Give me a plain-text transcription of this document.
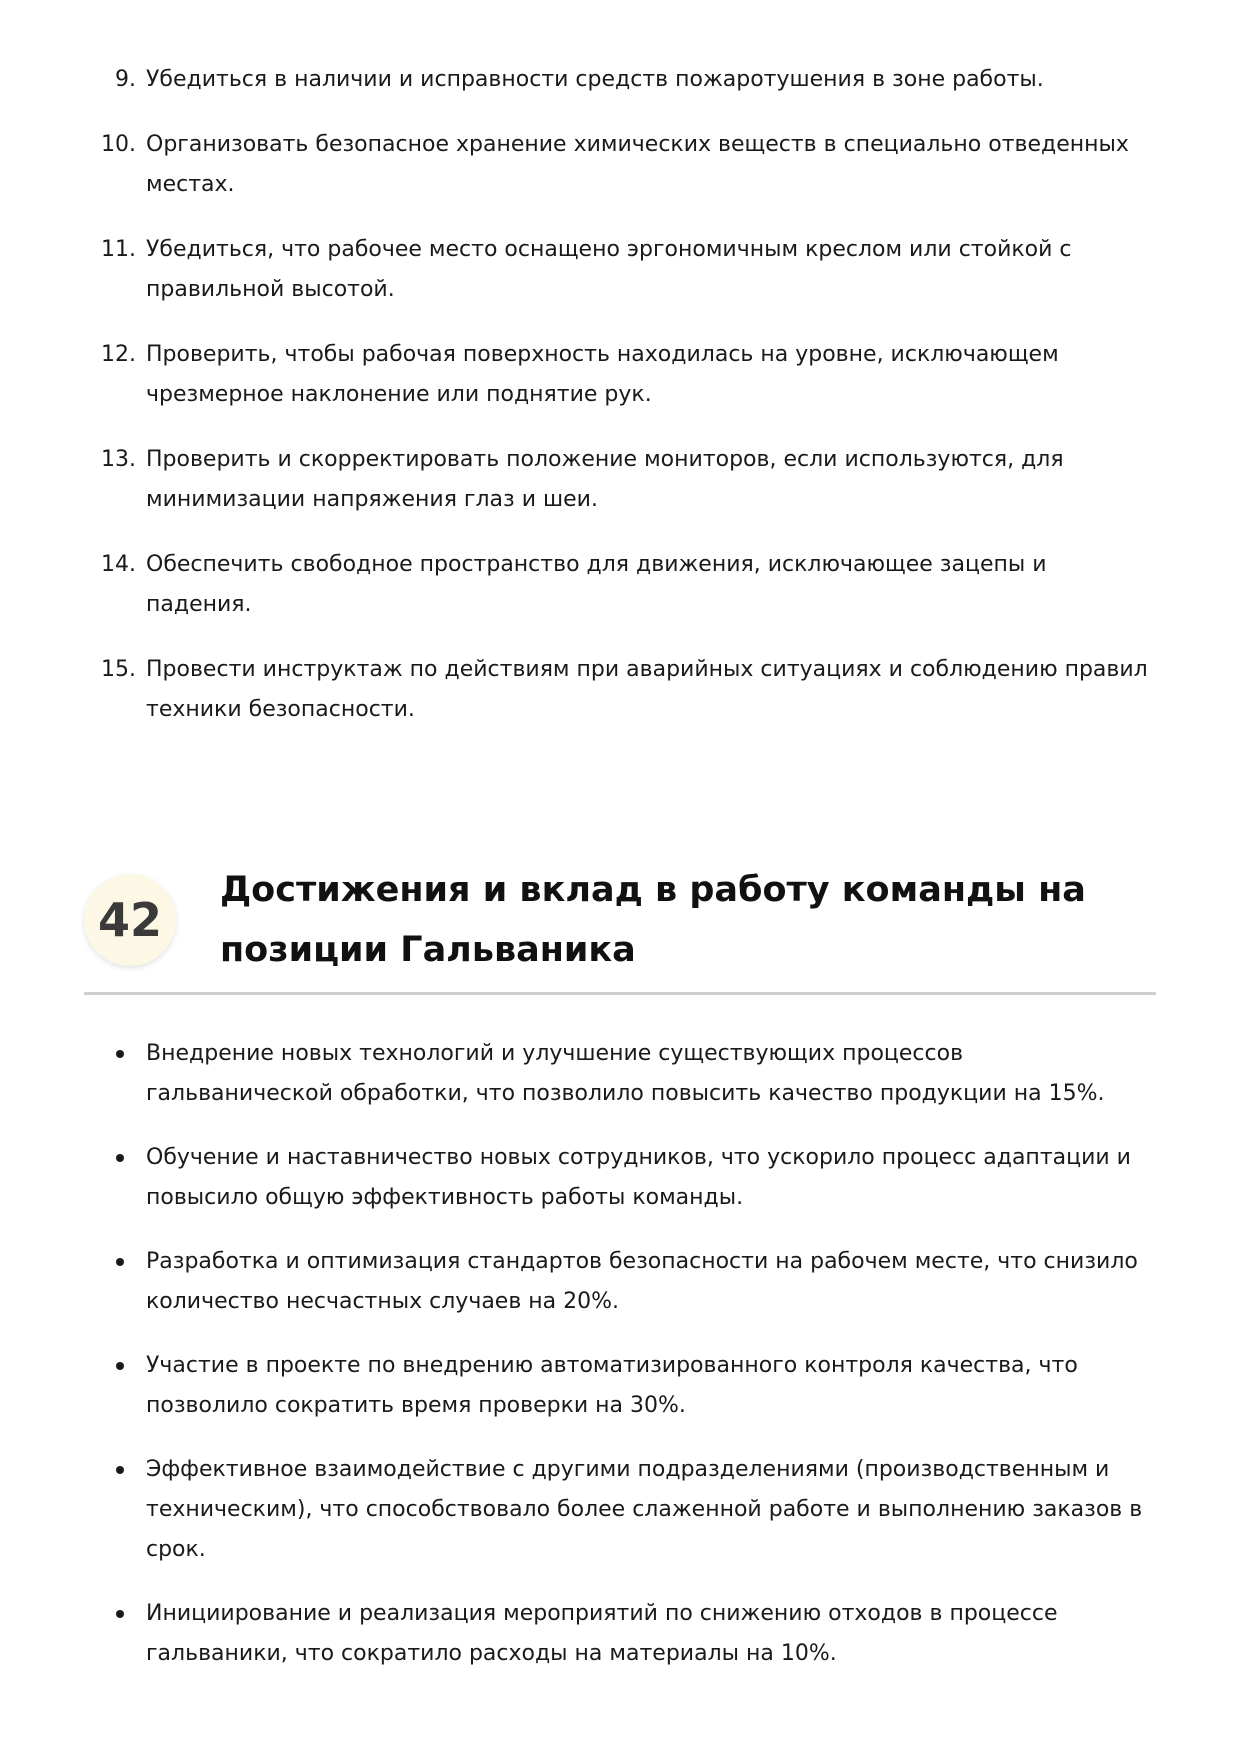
9. Убедиться в наличии и исправности средств пожаротушения в зоне работы.
10. Организовать безопасное хранение химических веществ в специально отведенных местах.
11. Убедиться, что рабочее место оснащено эргономичным креслом или стойкой с правильной высотой.
12. Проверить, чтобы рабочая поверхность находилась на уровне, исключающем чрезмерное наклонение или поднятие рук.
13. Проверить и скорректировать положение мониторов, если используются, для минимизации напряжения глаз и шеи.
14. Обеспечить свободное пространство для движения, исключающее зацепы и падения.
15. Провести инструктаж по действиям при аварийных ситуациях и соблюдению правил техники безопасности.
42
Достижения и вклад в работу команды на позиции Гальваника
Внедрение новых технологий и улучшение существующих процессов гальванической обработки, что позволило повысить качество продукции на 15%.
Обучение и наставничество новых сотрудников, что ускорило процесс адаптации и повысило общую эффективность работы команды.
Разработка и оптимизация стандартов безопасности на рабочем месте, что снизило количество несчастных случаев на 20%.
Участие в проекте по внедрению автоматизированного контроля качества, что позволило сократить время проверки на 30%.
Эффективное взаимодействие с другими подразделениями (производственным и техническим), что способствовало более слаженной работе и выполнению заказов в срок.
Инициирование и реализация мероприятий по снижению отходов в процессе гальваники, что сократило расходы на материалы на 10%.
